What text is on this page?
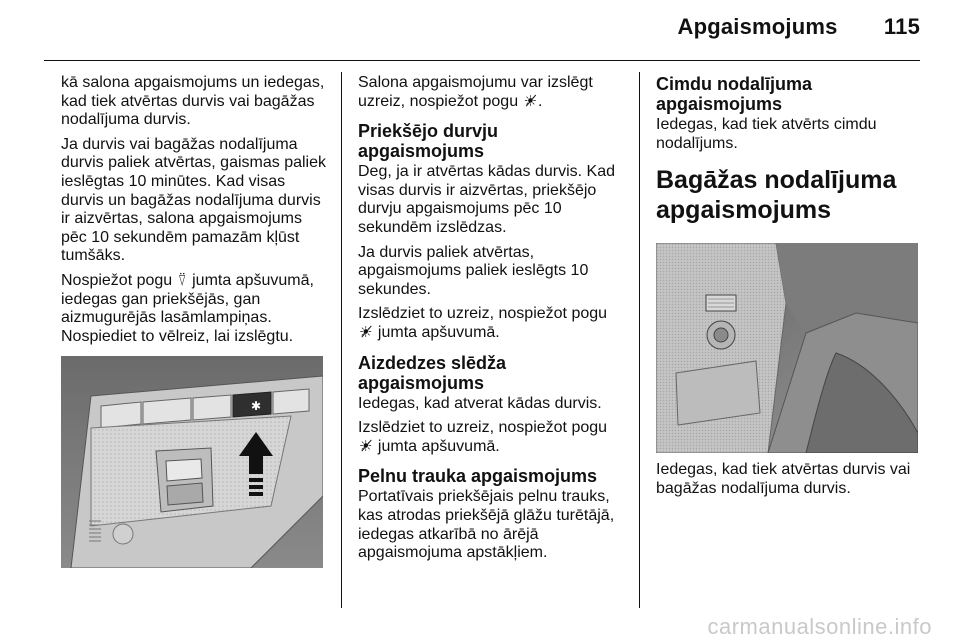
Apgaismojums 115

kā salona apgaismojums un iedegas, kad tiek atvērtas durvis vai bagāžas nodalījuma durvis.

Ja durvis vai bagāžas nodalījuma durvis paliek atvērtas, gaismas paliek ieslēgtas 10 minūtes. Kad visas durvis un bagāžas nodalījuma durvis ir aizvērtas, salona apgaismojums pēc 10 sekundēm pamazām kļūst tumšāks.

Nospiežot pogu ⍢ jumta apšuvumā, iedegas gan priekšējās, gan aizmugurējās lasāmlampiņas. Nospiediet to vēlreiz, lai izslēgtu.

✱

Salona apgaismojumu var izslēgt uzreiz, nospiežot pogu ☀̸.

Priekšējo durvju apgaismojums

Deg, ja ir atvērtas kādas durvis. Kad visas durvis ir aizvērtas, priekšējo durvju apgaismojums pēc 10 sekundēm izslēdzas.

Ja durvis paliek atvērtas, apgaismojums paliek ieslēgts 10 sekundes.

Izslēdziet to uzreiz, nospiežot pogu ☀̸ jumta apšuvumā.

Aizdedzes slēdža apgaismojums

Iedegas, kad atverat kādas durvis.

Izslēdziet to uzreiz, nospiežot pogu ☀̸ jumta apšuvumā.

Pelnu trauka apgaismojums

Portatīvais priekšējais pelnu trauks, kas atrodas priekšējā glāžu turētājā, iedegas atkarībā no ārējā apgaismojuma apstākļiem.

Cimdu nodalījuma apgaismojums

Iedegas, kad tiek atvērts cimdu nodalījums.

Bagāžas nodalījuma apgaismojums

Iedegas, kad tiek atvērtas durvis vai bagāžas nodalījuma durvis.

carmanualsonline.info
